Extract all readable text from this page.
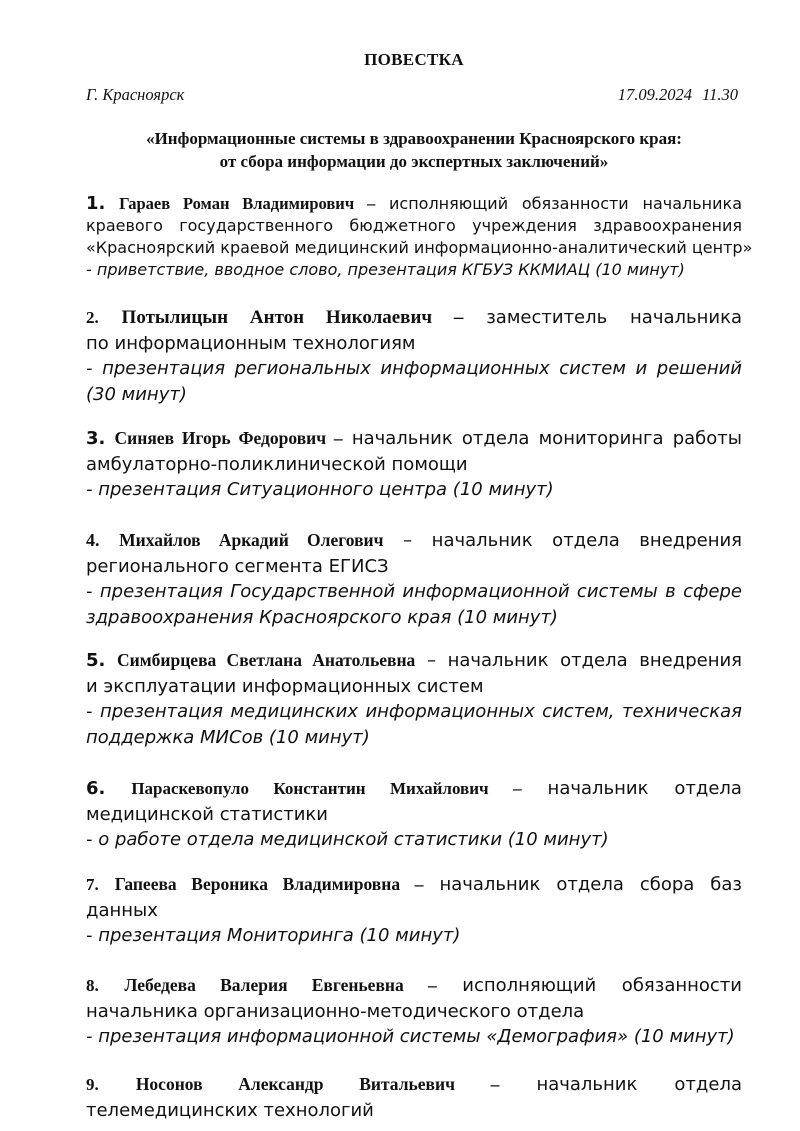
ПОВЕСТКА
Г. Красноярск	17.09.2024 11.30
«Информационные системы в здравоохранении Красноярского края:
от сбора информации до экспертных заключений»
1. Гараев Роман Владимирович – исполняющий обязанности начальника
краевого государственного бюджетного учреждения здравоохранения
«Красноярский краевой медицинский информационно-аналитический центр»
- приветствие, вводное слово, презентация КГБУЗ ККМИАЦ (10 минут)
2. Потылицын Антон Николаевич – заместитель начальника
по информационным технологиям
- презентация региональных информационных систем и решений
(30 минут)
3. Синяев Игорь Федорович – начальник отдела мониторинга работы
амбулаторно-поликлинической помощи
- презентация Ситуационного центра (10 минут)
4. Михайлов Аркадий Олегович – начальник отдела внедрения
регионального сегмента ЕГИСЗ
- презентация Государственной информационной системы в сфере
здравоохранения Красноярского края (10 минут)
5. Симбирцева Светлана Анатольевна – начальник отдела внедрения
и эксплуатации информационных систем
- презентация медицинских информационных систем, техническая
поддержка МИСов (10 минут)
6. Параскевопуло Константин Михайлович – начальник отдела
медицинской статистики
- о работе отдела медицинской статистики (10 минут)
7. Гапеева Вероника Владимировна – начальник отдела сбора баз
данных
- презентация Мониторинга (10 минут)
8. Лебедева Валерия Евгеньевна – исполняющий обязанности
начальника организационно-методического отдела
- презентация информационной системы «Демография» (10 минут)
9. Носонов Александр Витальевич – начальник отдела
телемедицинских технологий
